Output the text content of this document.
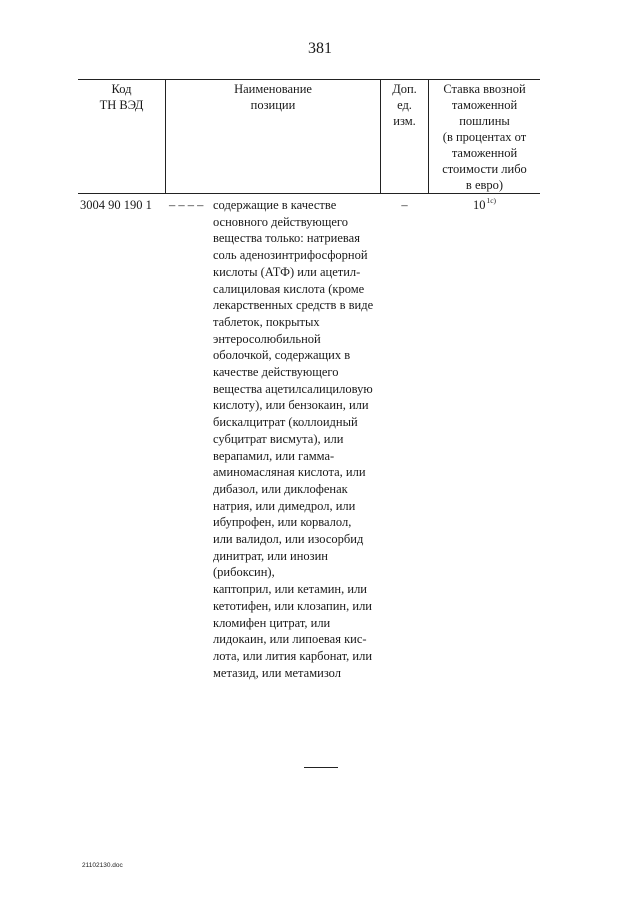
381
Код
ТН ВЭД
Наименование
позиции
Доп.
ед.
изм.
Ставка ввозной
таможенной
пошлины
(в процентах от
таможенной
стоимости либо
в евро)
3004 90 190 1 – – – – содержащие в качестве
основного действующего
вещества только: натриевая
соль аденозинтрифосфорной
кислоты (АТФ) или ацетил-
салициловая кислота (кроме
лекарственных средств в виде
таблеток, покрытых
энтеросолюбильной
оболочкой, содержащих в
качестве действующего
вещества ацетилсалициловую
кислоту), или бензокаин, или
бискалцитрат (коллоидный
субцитрат висмута), или
верапамил, или гамма-
аминомасляная кислота, или
дибазол, или диклофенак
натрия, или димедрол, или
ибупрофен, или корвалол,
или валидол, или изосорбид
динитрат, или инозин
(рибоксин),
каптоприл, или кетамин, или
кетотифен, или клозапин, или
кломифен цитрат, или
лидокаин, или липоевая кис-
лота, или лития карбонат, или
метазид, или метамизол
–	$10^{1c)}$
21102130.doc
